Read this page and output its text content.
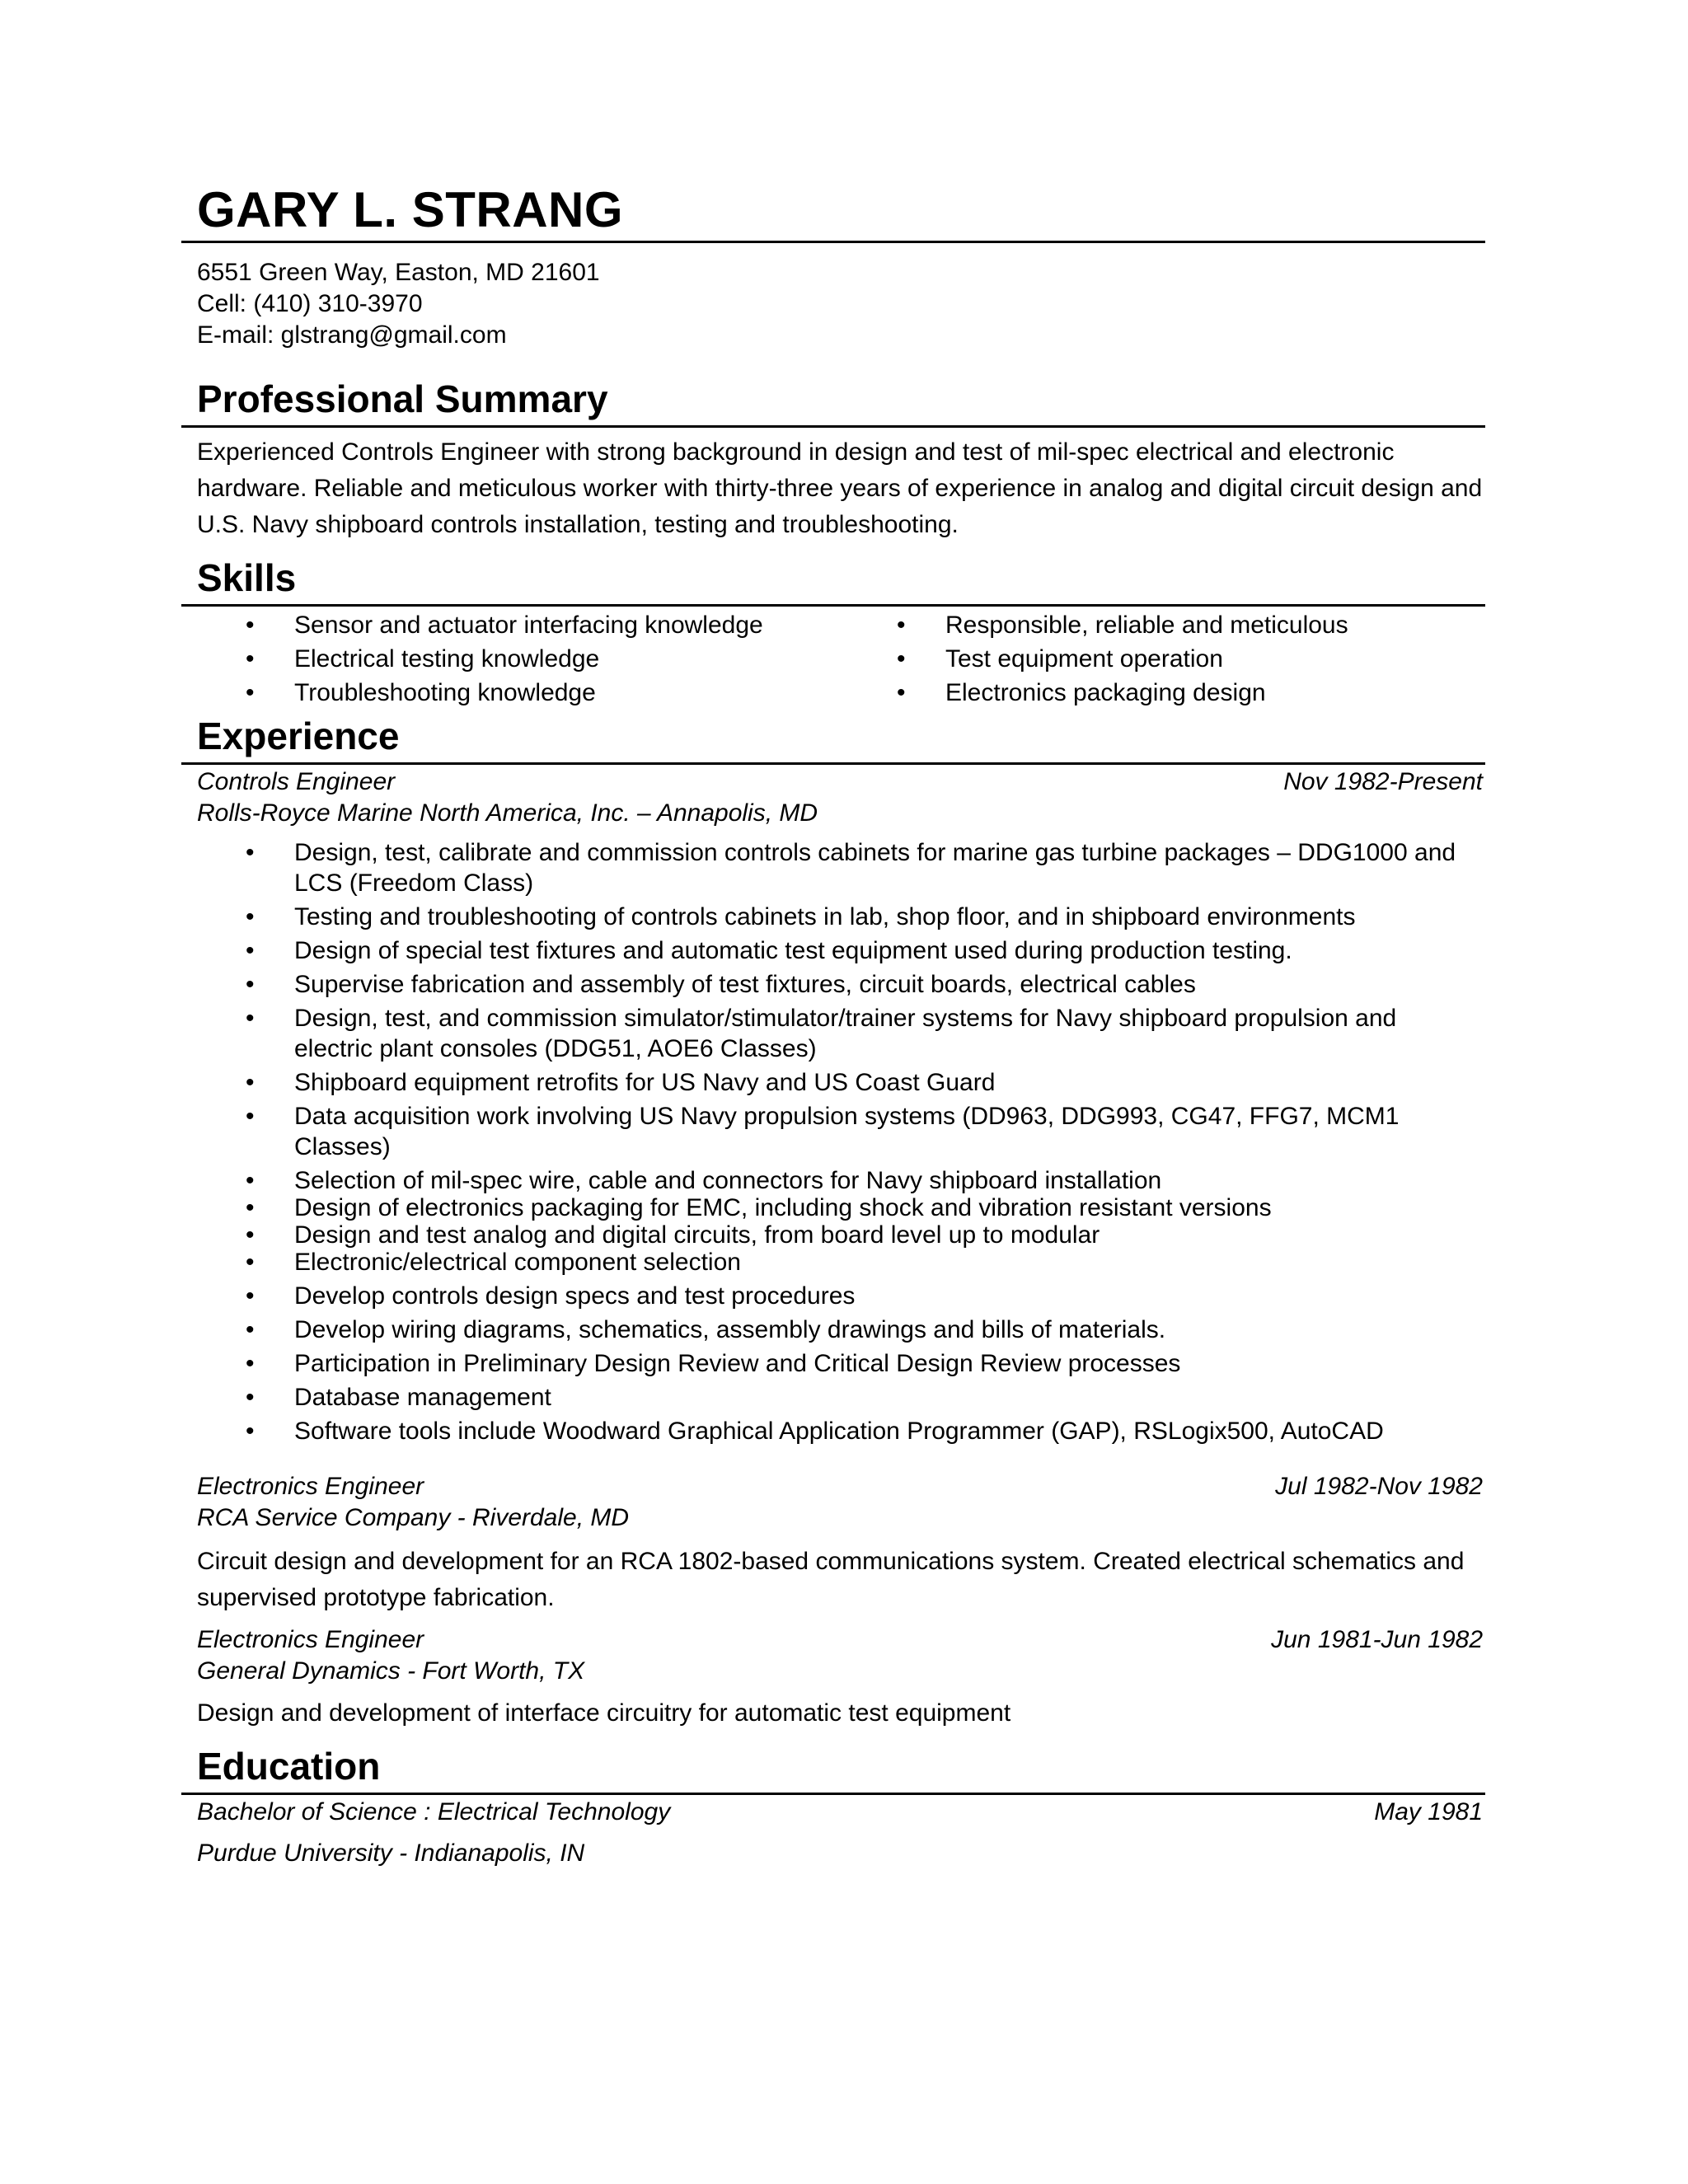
GARY L. STRANG
6551 Green Way, Easton, MD 21601
Cell: (410) 310-3970
E-mail: glstrang@gmail.com
Professional Summary
Experienced Controls Engineer with strong background in design and test of mil-spec electrical and electronic hardware. Reliable and meticulous worker with thirty-three years of experience in analog and digital circuit design and U.S. Navy shipboard controls installation, testing and troubleshooting.
Skills
• Sensor and actuator interfacing knowledge
• Electrical testing knowledge
• Troubleshooting knowledge
• Responsible, reliable and meticulous
• Test equipment operation
• Electronics packaging design
Experience
Controls Engineer	Nov 1982-Present
Rolls-Royce Marine North America, Inc. – Annapolis, MD
• Design, test, calibrate and commission controls cabinets for marine gas turbine packages – DDG1000 and LCS (Freedom Class)
• Testing and troubleshooting of controls cabinets in lab, shop floor, and in shipboard environments
• Design of special test fixtures and automatic test equipment used during production testing.
• Supervise fabrication and assembly of test fixtures, circuit boards, electrical cables
• Design, test, and commission simulator/stimulator/trainer systems for Navy shipboard propulsion and electric plant consoles (DDG51, AOE6 Classes)
• Shipboard equipment retrofits for US Navy and US Coast Guard
• Data acquisition work involving US Navy propulsion systems (DD963, DDG993, CG47, FFG7, MCM1 Classes)
• Selection of mil-spec wire, cable and connectors for Navy shipboard installation
• Design of electronics packaging for EMC, including shock and vibration resistant versions
• Design and test analog and digital circuits, from board level up to modular
• Electronic/electrical component selection
• Develop controls design specs and test procedures
• Develop wiring diagrams, schematics, assembly drawings and bills of materials.
• Participation in Preliminary Design Review and Critical Design Review processes
• Database management
• Software tools include Woodward Graphical Application Programmer (GAP), RSLogix500, AutoCAD
Electronics Engineer	Jul 1982-Nov 1982
RCA Service Company - Riverdale, MD
Circuit design and development for an RCA 1802-based communications system. Created electrical schematics and supervised prototype fabrication.
Electronics Engineer	Jun 1981-Jun 1982
General Dynamics - Fort Worth, TX
Design and development of interface circuitry for automatic test equipment
Education
Bachelor of Science : Electrical Technology	May 1981
Purdue University - Indianapolis, IN
